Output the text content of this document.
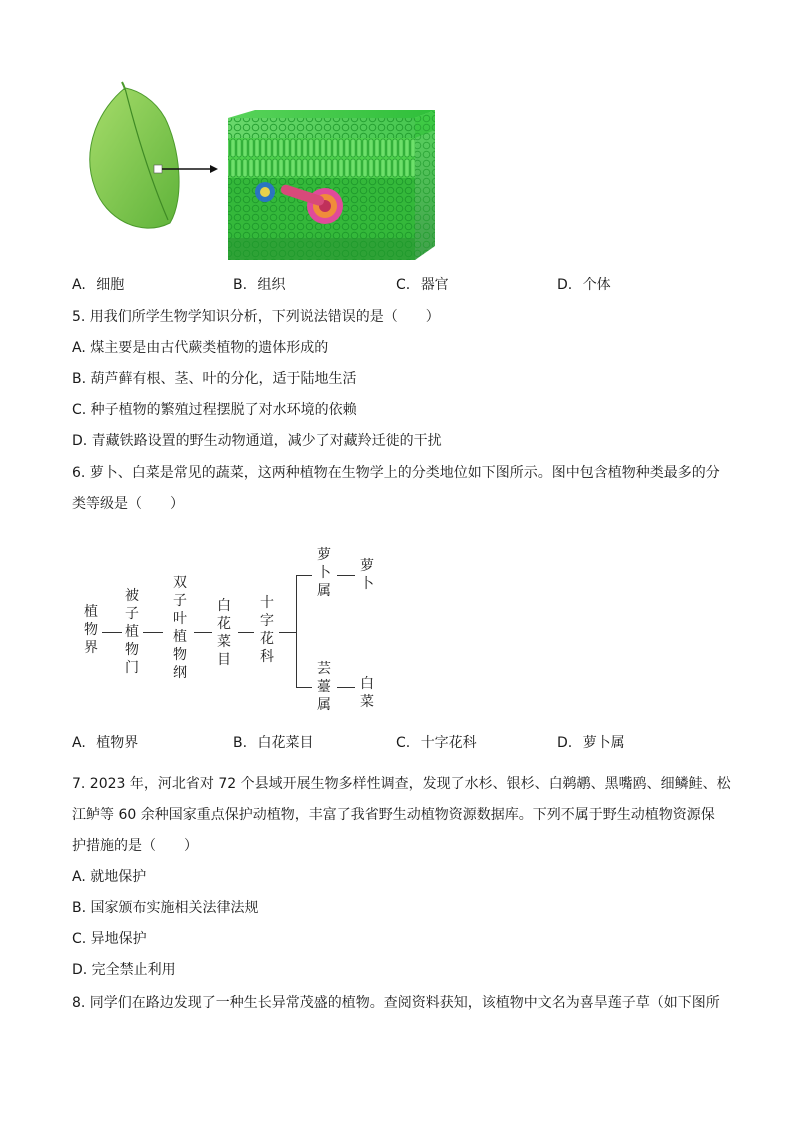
A. 细胞	B. 组织	C. 器官	D. 个体
5. 用我们所学生物学知识分析，下列说法错误的是（　　）
A. 煤主要是由古代蕨类植物的遗体形成的
B. 葫芦藓有根、茎、叶的分化，适于陆地生活
C. 种子植物的繁殖过程摆脱了对水环境的依赖
D. 青藏铁路设置的野生动物通道，减少了对藏羚迁徙的干扰
6. 萝卜、白菜是常见的蔬菜，这两种植物在生物学上的分类地位如下图所示。图中包含植物种类最多的分
类等级是（　　）
植物界
被子植物门
双子叶植物纲
白花菜目
十字花科
萝卜属
萝卜
芸薹属
白菜
A. 植物界	B. 白花菜目	C. 十字花科	D. 萝卜属
7. 2023 年，河北省对 72 个县域开展生物多样性调查，发现了水杉、银杉、白鹈鹕、黑嘴鸥、细鳞鲑、松
江鲈等 60 余种国家重点保护动植物，丰富了我省野生动植物资源数据库。下列不属于野生动植物资源保
护措施的是（　　）
A. 就地保护
B. 国家颁布实施相关法律法规
C. 异地保护
D. 完全禁止利用
8. 同学们在路边发现了一种生长异常茂盛的植物。查阅资料获知，该植物中文名为喜旱莲子草（如下图所
